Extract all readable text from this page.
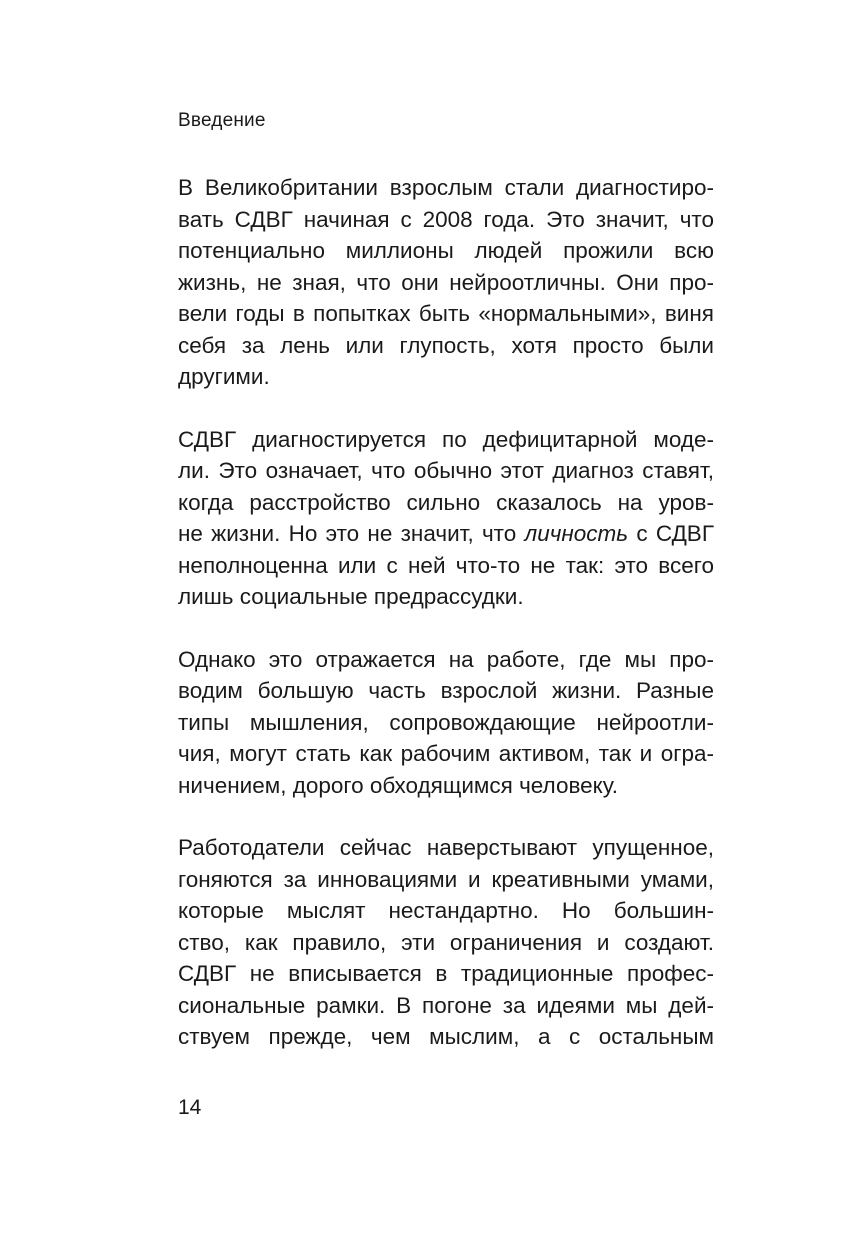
Введение

В Великобритании взрослым стали диагностиро-
вать СДВГ начиная с 2008 года. Это значит, что
потенциально миллионы людей прожили всю
жизнь, не зная, что они нейроотличны. Они про-
вели годы в попытках быть «нормальными», виня
себя за лень или глупость, хотя просто были
другими.

СДВГ диагностируется по дефицитарной моде-
ли. Это означает, что обычно этот диагноз ставят,
когда расстройство сильно сказалось на уров-
не жизни. Но это не значит, что личность с СДВГ
неполноценна или с ней что-то не так: это всего
лишь социальные предрассудки.

Однако это отражается на работе, где мы про-
водим большую часть взрослой жизни. Разные
типы мышления, сопровождающие нейроотли-
чия, могут стать как рабочим активом, так и огра-
ничением, дорого обходящимся человеку.

Работодатели сейчас наверстывают упущенное,
гоняются за инновациями и креативными умами,
которые мыслят нестандартно. Но большин-
ство, как правило, эти ограничения и создают.
СДВГ не вписывается в традиционные профес-
сиональные рамки. В погоне за идеями мы дей-
ствуем прежде, чем мыслим, а с остальным

14
